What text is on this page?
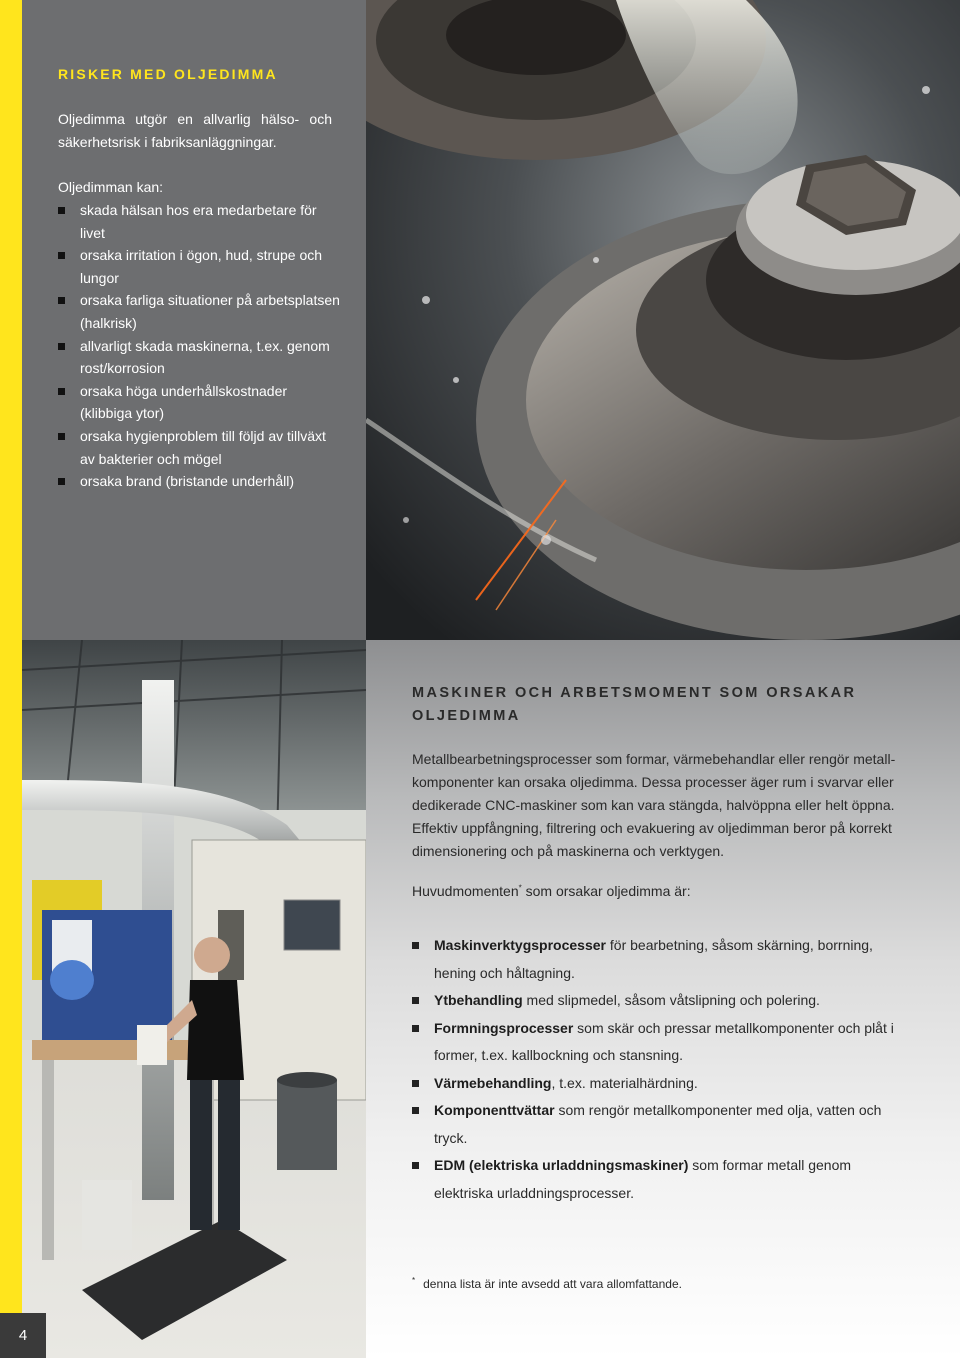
RISKER MED OLJEDIMMA
Oljedimma utgör en allvarlig hälso- och säkerhetsrisk i fabriksanläggningar.
Oljedimman kan:
skada hälsan hos era medarbetare för livet
orsaka irritation i ögon, hud, strupe och lungor
orsaka farliga situationer på arbetsplatsen (halkrisk)
allvarligt skada maskinerna, t.ex. genom rost/korrosion
orsaka höga underhållskostnader (klibbiga ytor)
orsaka hygienproblem till följd av tillväxt av bakterier och mögel
orsaka brand (bristande underhåll)
MASKINER OCH ARBETSMOMENT SOM ORSAKAR OLJEDIMMA
Metallbearbetningsprocesser som formar, värmebehandlar eller rengör metallkomponenter kan orsaka oljedimma. Dessa processer äger rum i svarvar eller dedikerade CNC-maskiner som kan vara stängda, halvöppna eller helt öppna. Effektiv uppfångning, filtrering och evakuering av oljedimman beror på korrekt dimensionering och på maskinerna och verktygen.
Huvudmomenten* som orsakar oljedimma är:
Maskinverktygsprocesser för bearbetning, såsom skärning, borrning, hening och håltagning.
Ytbehandling med slipmedel, såsom våtslipning och polering.
Formningsprocesser som skär och pressar metallkomponenter och plåt i former, t.ex. kallbockning och stansning.
Värmebehandling, t.ex. materialhärdning.
Komponenttvättar som rengör metallkomponenter med olja, vatten och tryck.
EDM (elektriska urladdningsmaskiner) som formar metall genom elektriska urladdningsprocesser.
* denna lista är inte avsedd att vara allomfattande.
4
